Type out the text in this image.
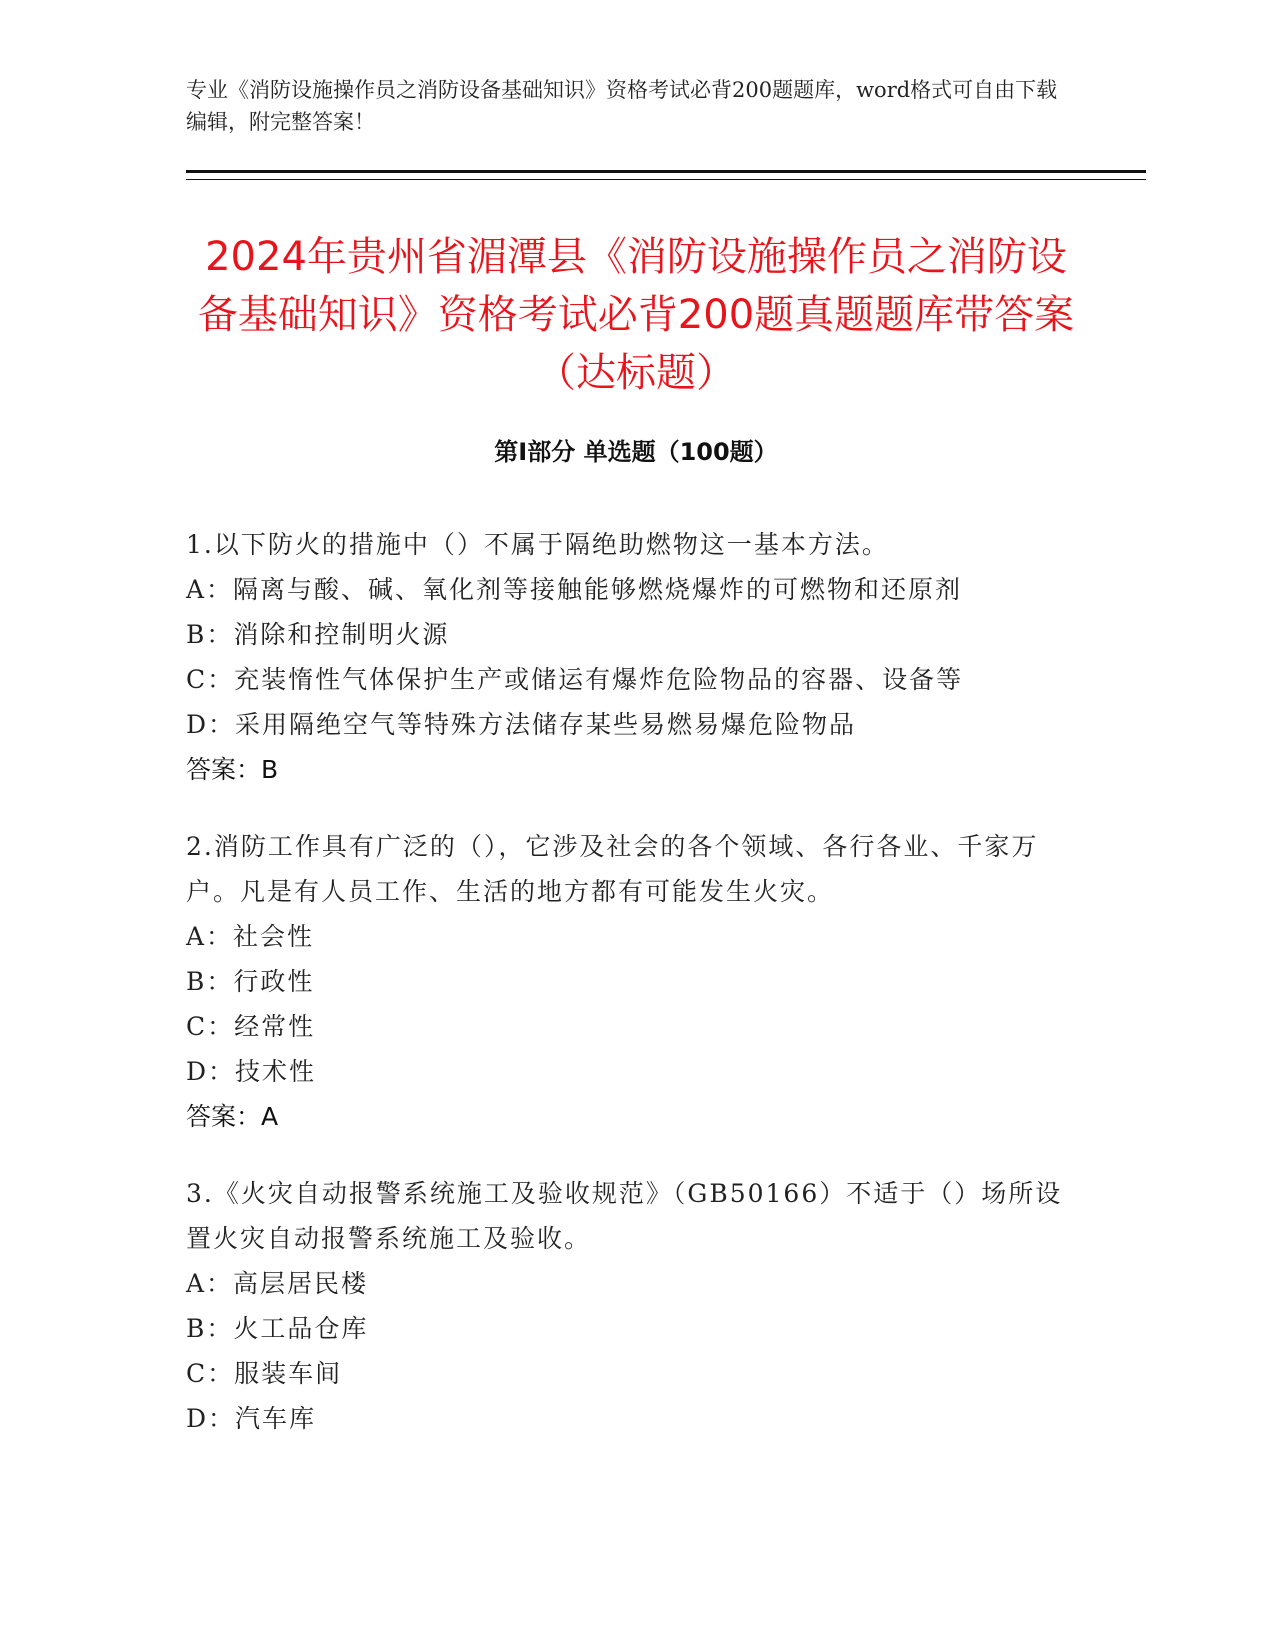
专业《消防设施操作员之消防设备基础知识》资格考试必背200题题库，word格式可自由下载编辑，附完整答案！
2024年贵州省湄潭县《消防设施操作员之消防设备基础知识》资格考试必背200题真题题库带答案（达标题）
第I部分 单选题（100题）

1.以下防火的措施中（）不属于隔绝助燃物这一基本方法。

A：隔离与酸、碱、氧化剂等接触能够燃烧爆炸的可燃物和还原剂

B：消除和控制明火源

C：充装惰性气体保护生产或储运有爆炸危险物品的容器、设备等

D：采用隔绝空气等特殊方法储存某些易燃易爆危险物品

答案：B

2.消防工作具有广泛的（），它涉及社会的各个领域、各行各业、千家万户。凡是有人员工作、生活的地方都有可能发生火灾。

A：社会性

B：行政性

C：经常性

D：技术性

答案：A

3.《火灾自动报警系统施工及验收规范》（GB50166）不适于（）场所设置火灾自动报警系统施工及验收。

A：高层居民楼

B：火工品仓库

C：服装车间

D：汽车库
